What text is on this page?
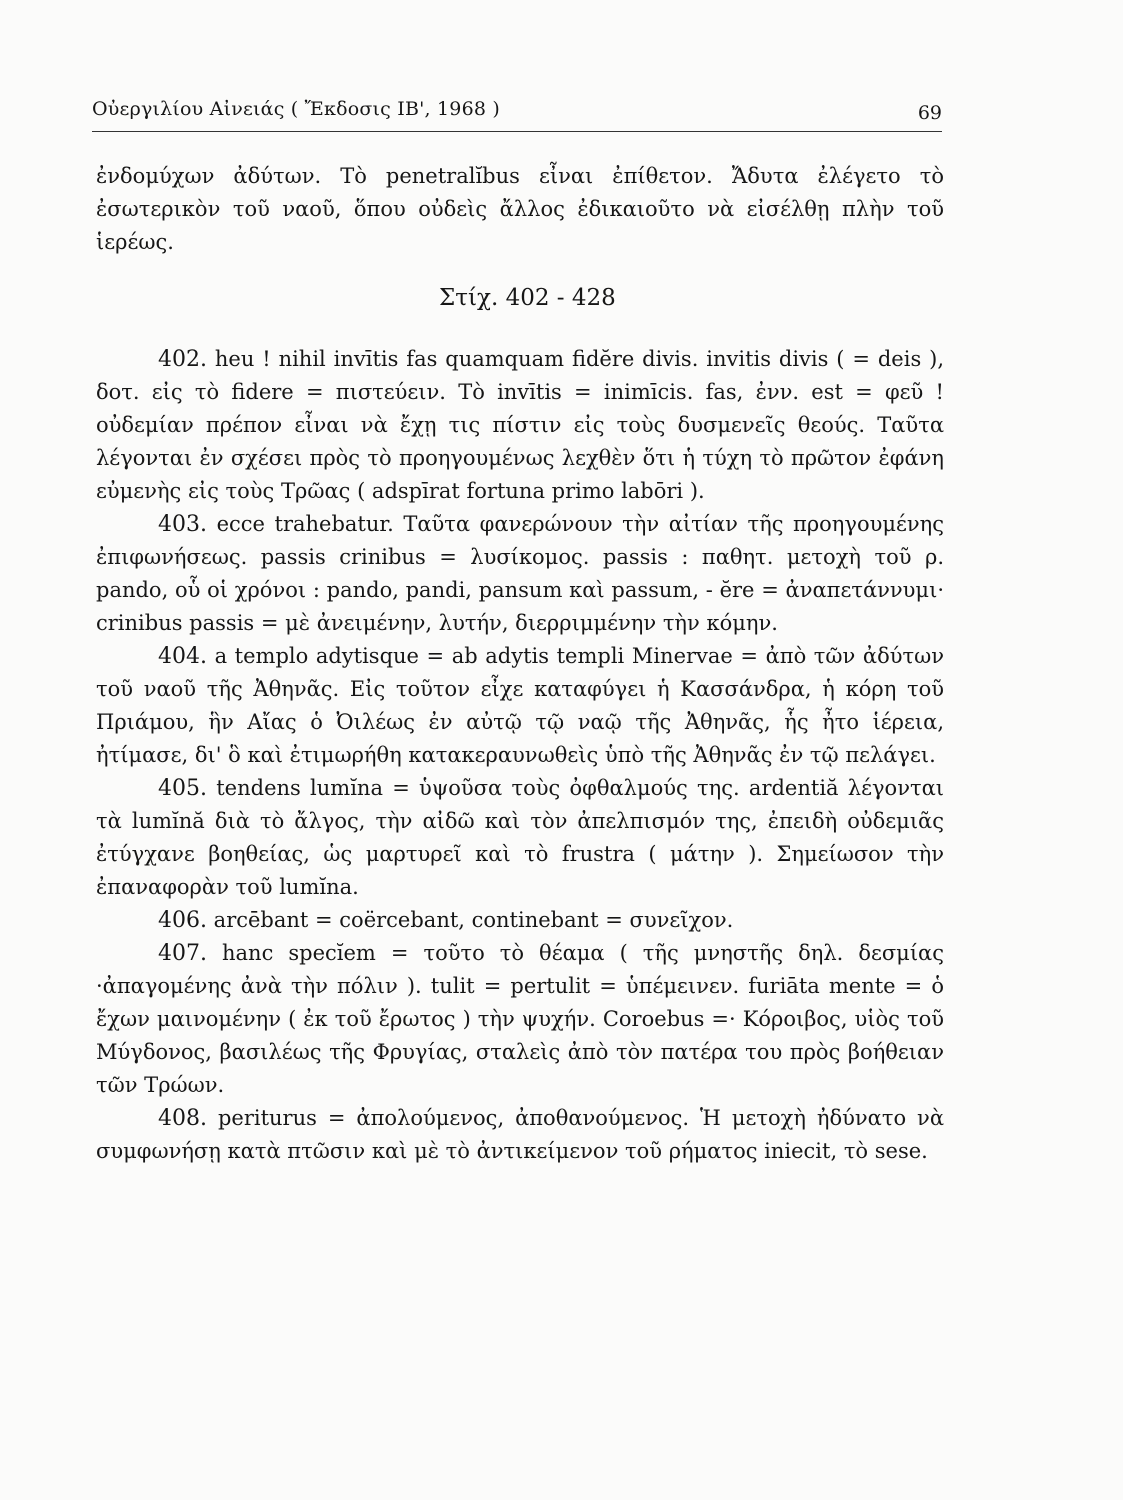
Οὐεργιλίου Αἰνειάς ( Ἔκδοσις ΙΒ', 1968 )	69

ἐνδομύχων ἀδύτων. Τὸ penetralĭbus εἶναι ἐπίθετον. Ἄδυτα ἐλέγετο τὸ ἐσωτερικὸν τοῦ ναοῦ, ὅπου οὐδεὶς ἄλλος ἐδικαιοῦτο νὰ εἰσέλθῃ πλὴν τοῦ ἱερέως.

Στίχ. 402 - 428

402. heu ! nihil invītis fas quamquam fidĕre divis. invitis divis ( = deis ), δοτ. εἰς τὸ fidere = πιστεύειν. Τὸ invītis = inimīcis. fas, ἐνν. est = φεῦ ! οὐδεμίαν πρέπον εἶναι νὰ ἔχῃ τις πίστιν εἰς τοὺς δυσμενεῖς θεούς. Ταῦτα λέγονται ἐν σχέσει πρὸς τὸ προηγουμένως λεχθὲν ὅτι ἡ τύχη τὸ πρῶτον ἐφάνη εὐμενὴς εἰς τοὺς Τρῶας ( adspīrat fortuna primo labōri ).

403. ecce trahebatur. Ταῦτα φανερώνουν τὴν αἰτίαν τῆς προηγουμένης ἐπιφωνήσεως. passis crinibus = λυσίκομος. passis : παθητ. μετοχὴ τοῦ ρ. pando, οὗ οἱ χρόνοι : pando, pandi, pansum καὶ passum, - ĕre = ἀναπετάννυμι· crinibus passis = μὲ ἀνειμένην, λυτήν, διερριμμένην τὴν κόμην.

404. a templo adytisque = ab adytis templi Minervae = ἀπὸ τῶν ἀδύτων τοῦ ναοῦ τῆς Ἀθηνᾶς. Εἰς τοῦτον εἶχε καταφύγει ἡ Κασσάνδρα, ἡ κόρη τοῦ Πριάμου, ἣν Αἴας ὁ Ὀιλέως ἐν αὐτῷ τῷ ναῷ τῆς Ἀθηνᾶς, ἧς ἦτο ἱέρεια, ἠτίμασε, δι' ὃ καὶ ἐτιμωρήθη κατακεραυνωθεὶς ὑπὸ τῆς Ἀθηνᾶς ἐν τῷ πελάγει.

405. tendens lumĭna = ὑψοῦσα τοὺς ὀφθαλμούς της. ardentiă λέγονται τὰ lumĭnă διὰ τὸ ἄλγος, τὴν αἰδῶ καὶ τὸν ἀπελπισμόν της, ἐπειδὴ οὐδεμιᾶς ἐτύγχανε βοηθείας, ὡς μαρτυρεῖ καὶ τὸ frustra ( μάτην ). Σημείωσον τὴν ἐπαναφορὰν τοῦ lumĭna.

406. arcēbant = coërcebant, continebant = συνεῖχον.

407. hanc specĭem = τοῦτο τὸ θέαμα ( τῆς μνηστῆς δηλ. δεσμίας ·ἀπαγομένης ἀνὰ τὴν πόλιν ). tulit = pertulit = ὑπέμεινεν. furiāta mente = ὁ ἔχων μαινομένην ( ἐκ τοῦ ἔρωτος ) τὴν ψυχήν. Coroebus =· Κόροιβος, υἱὸς τοῦ Μύγδονος, βασιλέως τῆς Φρυγίας, σταλεὶς ἀπὸ τὸν πατέρα του πρὸς βοήθειαν τῶν Τρώων.

408. periturus = ἀπολούμενος, ἀποθανούμενος. Ἡ μετοχὴ ἠδύνατο νὰ συμφωνήσῃ κατὰ πτῶσιν καὶ μὲ τὸ ἀντικείμενον τοῦ ρήματος iniecit, τὸ sese.
